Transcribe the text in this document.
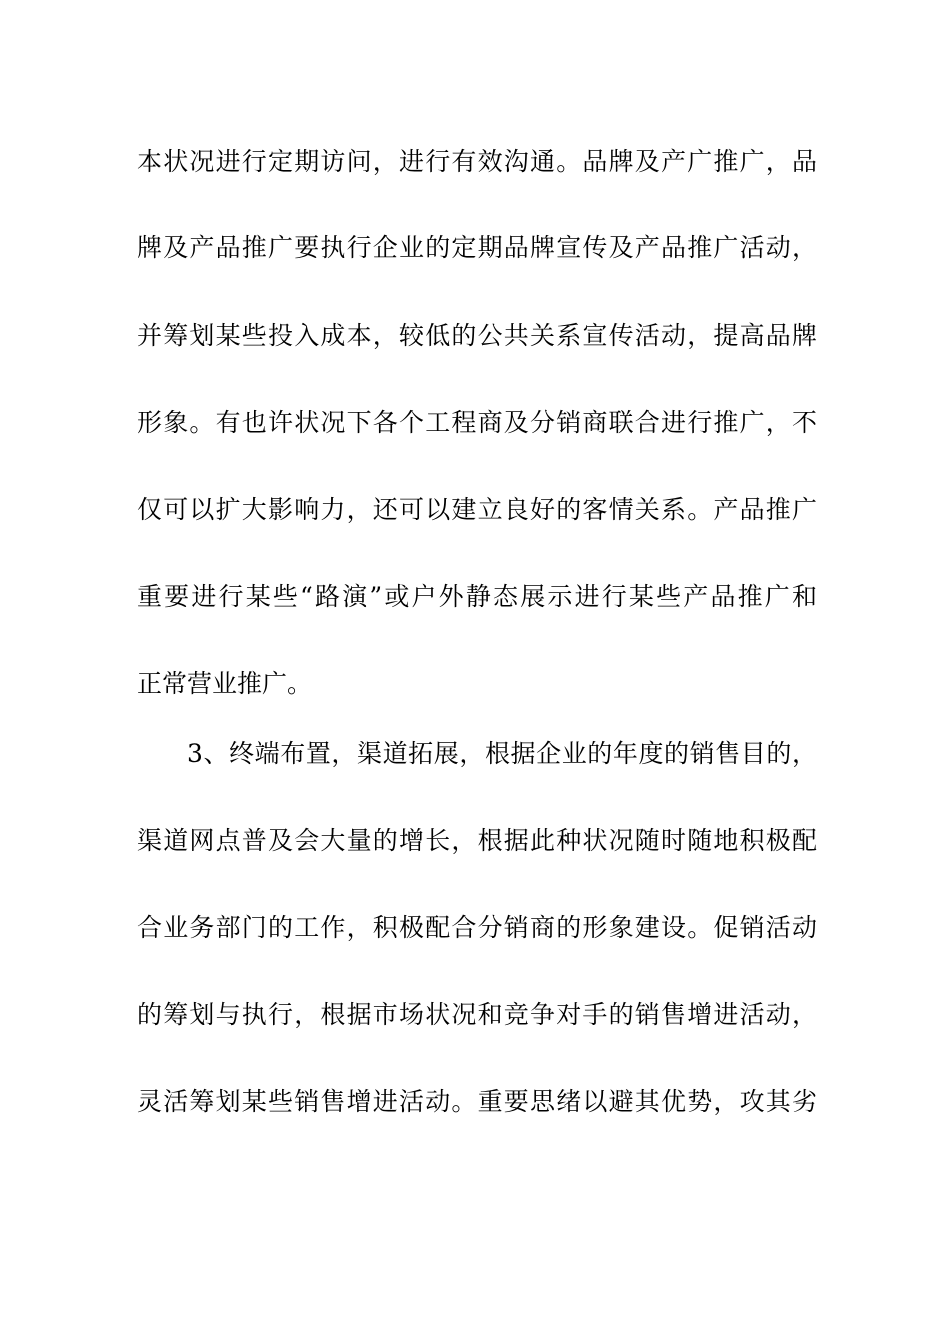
本状况进行定期访问，进行有效沟通。品牌及产广推广，品
牌及产品推广要执行企业的定期品牌宣传及产品推广活动，
并筹划某些投入成本，较低的公共关系宣传活动，提高品牌
形象。有也许状况下各个工程商及分销商联合进行推广，不
仅可以扩大影响力，还可以建立良好的客情关系。产品推广
重要进行某些“路演”或户外静态展示进行某些产品推广和
正常营业推广。
3、终端布置，渠道拓展，根据企业的年度的销售目的，
渠道网点普及会大量的增长，根据此种状况随时随地积极配
合业务部门的工作，积极配合分销商的形象建设。促销活动
的筹划与执行，根据市场状况和竞争对手的销售增进活动，
灵活筹划某些销售增进活动。重要思绪以避其优势，攻其劣
